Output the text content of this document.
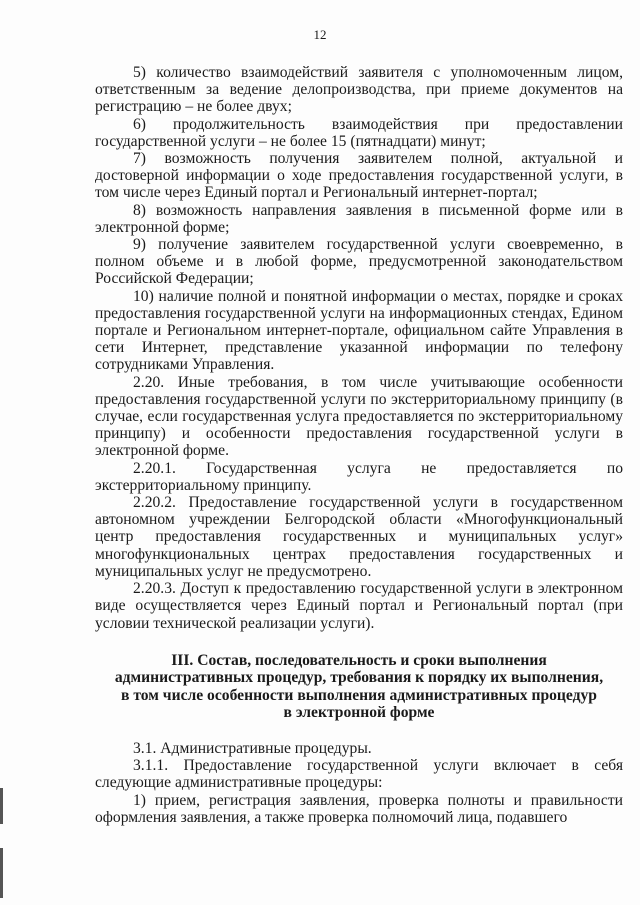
12

5) количество взаимодействий заявителя с уполномоченным лицом, ответственным за ведение делопроизводства, при приеме документов на регистрацию – не более двух;

6) продолжительность взаимодействия при предоставлении государственной услуги – не более 15 (пятнадцати) минут;

7) возможность получения заявителем полной, актуальной и достоверной информации о ходе предоставления государственной услуги, в том числе через Единый портал и Региональный интернет-портал;

8) возможность направления заявления в письменной форме или в электронной форме;

9) получение заявителем государственной услуги своевременно, в полном объеме и в любой форме, предусмотренной законодательством Российской Федерации;

10) наличие полной и понятной информации о местах, порядке и сроках предоставления государственной услуги на информационных стендах, Едином портале и Региональном интернет-портале, официальном сайте Управления в сети Интернет, представление указанной информации по телефону сотрудниками Управления.

2.20. Иные требования, в том числе учитывающие особенности предоставления государственной услуги по экстерриториальному принципу (в случае, если государственная услуга предоставляется по экстерриториальному принципу) и особенности предоставления государственной услуги в электронной форме.

2.20.1. Государственная услуга не предоставляется по экстерриториальному принципу.

2.20.2. Предоставление государственной услуги в государственном автономном учреждении Белгородской области «Многофункциональный центр предоставления государственных и муниципальных услуг» многофункциональных центрах предоставления государственных и муниципальных услуг не предусмотрено.

2.20.3. Доступ к предоставлению государственной услуги в электронном виде осуществляется через Единый портал и Региональный портал (при условии технической реализации услуги).

III. Состав, последовательность и сроки выполнения

административных процедур, требования к порядку их выполнения,

в том числе особенности выполнения административных процедур

в электронной форме

3.1. Административные процедуры.

3.1.1. Предоставление государственной услуги включает в себя следующие административные процедуры:

1) прием, регистрация заявления, проверка полноты и правильности оформления заявления, а также проверка полномочий лица, подавшего
